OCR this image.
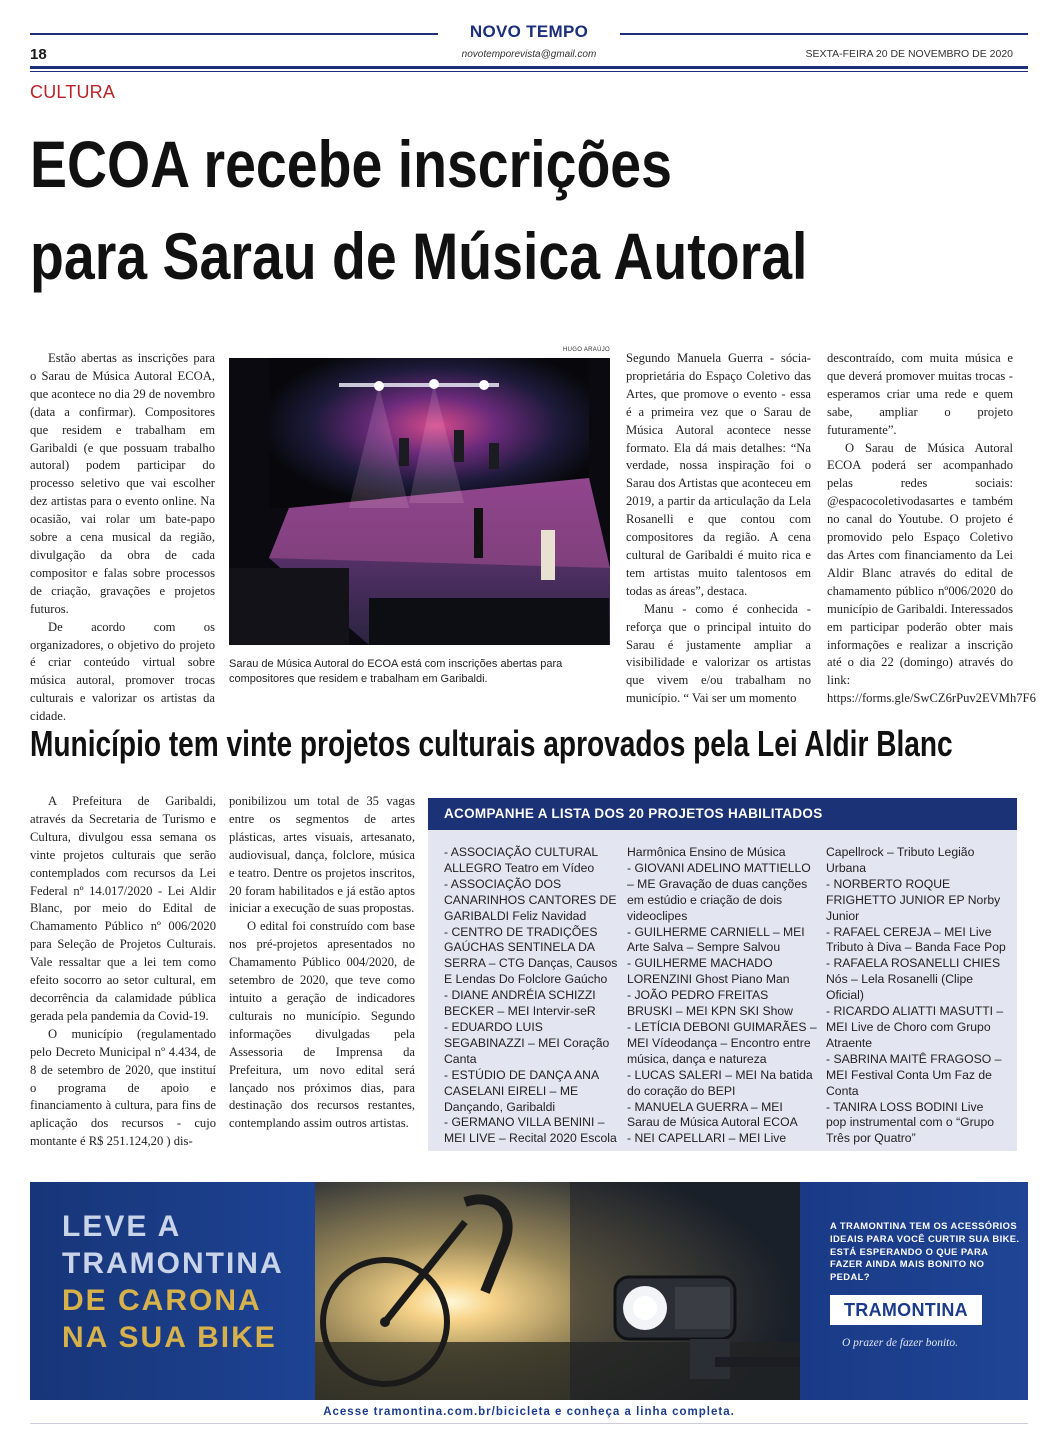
NOVO TEMPO
18	novotemporevista@gmail.com	SEXTA-FEIRA 20 DE NOVEMBRO DE 2020
CULTURA
ECOA recebe inscrições
para Sarau de Música Autoral

Estão abertas as inscrições para o Sarau de Música Autoral ECOA, que acontece no dia 29 de novembro (data a confirmar). Compositores que residem e trabalham em Garibaldi (e que possuam trabalho autoral) podem participar do processo seletivo que vai escolher dez artistas para o evento online. Na ocasião, vai rolar um bate-papo sobre a cena musical da região, divulgação da obra de cada compositor e falas sobre processos de criação, gravações e projetos futuros.

De acordo com os organizadores, o objetivo do projeto é criar conteúdo virtual sobre música autoral, promover trocas culturais e valorizar os artistas da cidade.

HUGO ARAÚJO
Sarau de Música Autoral do ECOA está com inscrições abertas para compositores que residem e trabalham em Garibaldi.

Segundo Manuela Guerra - sócia-proprietária do Espaço Coletivo das Artes, que promove o evento - essa é a primeira vez que o Sarau de Música Autoral acontece nesse formato. Ela dá mais detalhes: “Na verdade, nossa inspiração foi o Sarau dos Artistas que aconteceu em 2019, a partir da articulação da Lela Rosanelli e que contou com compositores da região. A cena cultural de Garibaldi é muito rica e tem artistas muito talentosos em todas as áreas”, destaca.

Manu - como é conhecida - reforça que o principal intuito do Sarau é justamente ampliar a visibilidade e valorizar os artistas que vivem e/ou trabalham no município. “ Vai ser um momento

descontraído, com muita música e que deverá promover muitas trocas - esperamos criar uma rede e quem sabe, ampliar o projeto futuramente”.

O Sarau de Música Autoral ECOA poderá ser acompanhado pelas redes sociais: @espacocoletivodasartes e também no canal do Youtube. O projeto é promovido pelo Espaço Coletivo das Artes com financiamento da Lei Aldir Blanc através do edital de chamamento público nº006/2020 do município de Garibaldi. Interessados em participar poderão obter mais informações e realizar a inscrição até o dia 22 (domingo) através do link: https://forms.gle/SwCZ6rPuv2EVMh7F6

Município tem vinte projetos culturais aprovados pela Lei Aldir Blanc

A Prefeitura de Garibaldi, através da Secretaria de Turismo e Cultura, divulgou essa semana os vinte projetos culturais que serão contemplados com recursos da Lei Federal nº 14.017/2020 - Lei Aldir Blanc, por meio do Edital de Chamamento Público nº 006/2020 para Seleção de Projetos Culturais. Vale ressaltar que a lei tem como efeito socorro ao setor cultural, em decorrência da calamidade pública gerada pela pandemia da Covid-19.

O município (regulamentado pelo Decreto Municipal nº 4.434, de 8 de setembro de 2020, que instituí o programa de apoio e financiamento à cultura, para fins de aplicação dos recursos - cujo montante é R$ 251.124,20 ) dis-

ponibilizou um total de 35 vagas entre os segmentos de artes plásticas, artes visuais, artesanato, audiovisual, dança, folclore, música e teatro. Dentre os projetos inscritos, 20 foram habilitados e já estão aptos iniciar a execução de suas propostas.

O edital foi construído com base nos pré-projetos apresentados no Chamamento Público 004/2020, de setembro de 2020, que teve como intuito a geração de indicadores culturais no município. Segundo informações divulgadas pela Assessoria de Imprensa da Prefeitura, um novo edital será lançado nos próximos dias, para destinação dos recursos restantes, contemplando assim outros artistas.

ACOMPANHE A LISTA DOS 20 PROJETOS HABILITADOS
- ASSOCIAÇÃO CULTURAL ALLEGRO Teatro em Vídeo
- ASSOCIAÇÃO DOS CANARINHOS CANTORES DE GARIBALDI Feliz Navidad
- CENTRO DE TRADIÇÕES GAÚCHAS SENTINELA DA SERRA – CTG Danças, Causos E Lendas Do Folclore Gaúcho
- DIANE ANDRÉIA SCHIZZI BECKER – MEI Intervir-seR
- EDUARDO LUIS SEGABINAZZI – MEI Coração Canta
- ESTÚDIO DE DANÇA ANA CASELANI EIRELI – ME Dançando, Garibaldi
- GERMANO VILLA BENINI – MEI LIVE – Recital 2020 Escola
Harmônica Ensino de Música
- GIOVANI ADELINO MATTIELLO – ME Gravação de duas canções em estúdio e criação de dois videoclipes
- GUILHERME CARNIELL – MEI Arte Salva – Sempre Salvou
- GUILHERME MACHADO LORENZINI Ghost Piano Man
- JOÃO PEDRO FREITAS BRUSKI – MEI KPN SKI Show
- LETÍCIA DEBONI GUIMARÃES – MEI Vídeodança – Encontro entre música, dança e natureza
- LUCAS SALERI – MEI Na batida do coração do BEPI
- MANUELA GUERRA – MEI Sarau de Música Autoral ECOA
- NEI CAPELLARI – MEI Live
Capellrock – Tributo Legião Urbana
- NORBERTO ROQUE FRIGHETTO JUNIOR EP Norby Junior
- RAFAEL CEREJA – MEI Live Tributo à Diva – Banda Face Pop
- RAFAELA ROSANELLI CHIES Nós – Lela Rosanelli (Clipe Oficial)
- RICARDO ALIATTI MASUTTI – MEI Live de Choro com Grupo Atraente
- SABRINA MAITÊ FRAGOSO – MEI Festival Conta Um Faz de Conta
- TANIRA LOSS BODINI Live pop instrumental com o “Grupo Três por Quatro”
LEVE A
TRAMONTINA
DE CARONA
NA SUA BIKE
A TRAMONTINA TEM OS ACESSÓRIOS IDEAIS PARA VOCÊ CURTIR SUA BIKE. ESTÁ ESPERANDO O QUE PARA FAZER AINDA MAIS BONITO NO PEDAL?
TRAMONTINA
O prazer de fazer bonito.
Acesse tramontina.com.br/bicicleta e conheça a linha completa.
